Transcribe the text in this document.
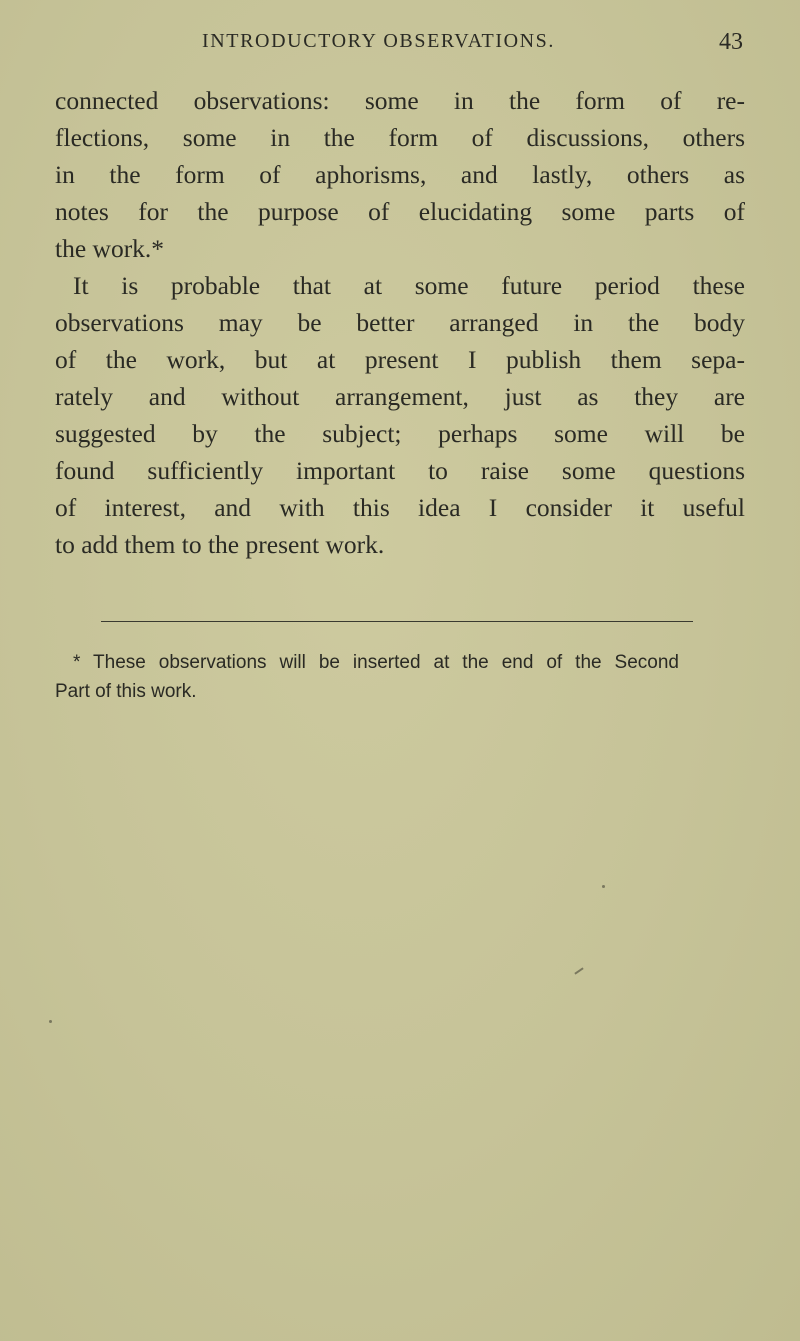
INTRODUCTORY OBSERVATIONS.	43
connected observations: some in the form of re-
flections, some in the form of discussions, others
in the form of aphorisms, and lastly, others as
notes for the purpose of elucidating some parts of
the work.*
It is probable that at some future period these
observations may be better arranged in the body
of the work, but at present I publish them sepa-
rately and without arrangement, just as they are
suggested by the subject; perhaps some will be
found sufficiently important to raise some questions
of interest, and with this idea I consider it useful
to add them to the present work.
* These observations will be inserted at the end of the Second
Part of this work.
